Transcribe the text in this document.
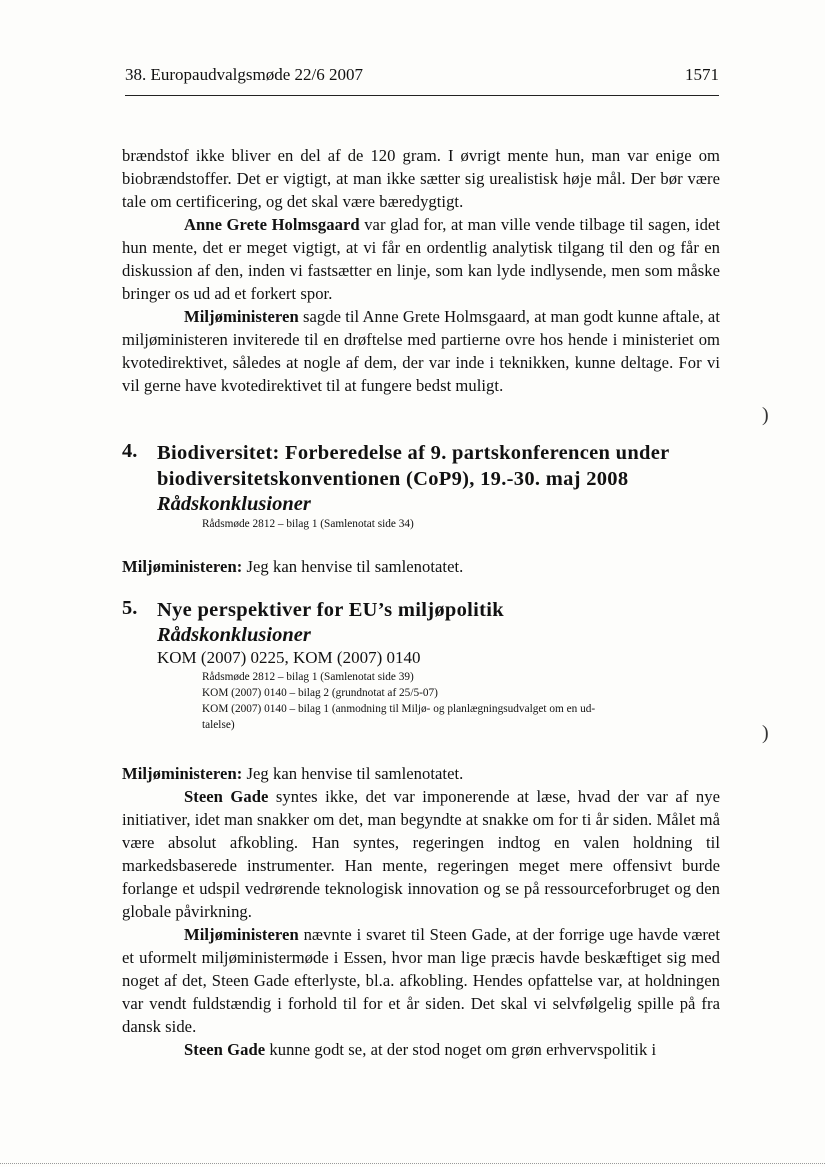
38. Europaudvalgsmøde 22/6 2007	1571

brændstof ikke bliver en del af de 120 gram. I øvrigt mente hun, man var enige om biobrændstoffer. Det er vigtigt, at man ikke sætter sig urealistisk høje mål. Der bør være tale om certificering, og det skal være bæredygtigt.

Anne Grete Holmsgaard var glad for, at man ville vende tilbage til sagen, idet hun mente, det er meget vigtigt, at vi får en ordentlig analytisk tilgang til den og får en diskussion af den, inden vi fastsætter en linje, som kan lyde indlysende, men som måske bringer os ud ad et forkert spor.

Miljøministeren sagde til Anne Grete Holmsgaard, at man godt kunne aftale, at miljøministeren inviterede til en drøftelse med partierne ovre hos hende i ministeriet om kvotedirektivet, således at nogle af dem, der var inde i teknikken, kunne deltage. For vi vil gerne have kvotedirektivet til at fungere bedst muligt.

)
4. Biodiversitet: Forberedelse af 9. partskonferencen under
biodiversitetskonventionen (CoP9), 19.-30. maj 2008
Rådskonklusioner
Rådsmøde 2812 – bilag 1 (Samlenotat side 34)

Miljøministeren: Jeg kan henvise til samlenotatet.

5. Nye perspektiver for EU’s miljøpolitik
Rådskonklusioner
KOM (2007) 0225, KOM (2007) 0140
Rådsmøde 2812 – bilag 1 (Samlenotat side 39)
KOM (2007) 0140 – bilag 2 (grundnotat af 25/5-07)
KOM (2007) 0140 – bilag 1 (anmodning til Miljø- og planlægningsudvalget om en ud-
talelse)	)

Miljøministeren: Jeg kan henvise til samlenotatet.

Steen Gade syntes ikke, det var imponerende at læse, hvad der var af nye initiativer, idet man snakker om det, man begyndte at snakke om for ti år siden. Målet må være absolut afkobling. Han syntes, regeringen indtog en valen holdning til markedsbaserede instrumenter. Han mente, regeringen meget mere offensivt burde forlange et udspil vedrørende teknologisk innovation og se på ressourceforbruget og den globale påvirkning.

Miljøministeren nævnte i svaret til Steen Gade, at der forrige uge havde været et uformelt miljøministermøde i Essen, hvor man lige præcis havde beskæftiget sig med noget af det, Steen Gade efterlyste, bl.a. afkobling. Hendes opfattelse var, at holdningen var vendt fuldstændig i forhold til for et år siden. Det skal vi selvfølgelig spille på fra dansk side.

Steen Gade kunne godt se, at der stod noget om grøn erhvervspolitik i
